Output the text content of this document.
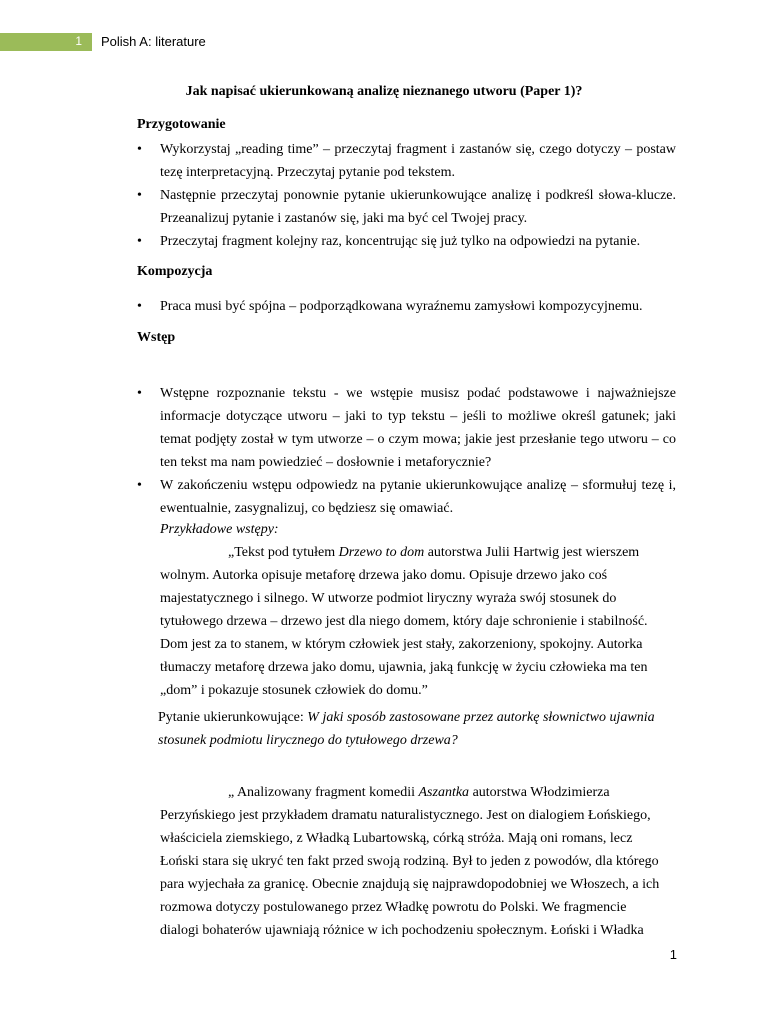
1 Polish A: literature
Jak napisać ukierunkowaną analizę nieznanego utworu (Paper 1)?
Przygotowanie
• Wykorzystaj „reading time” – przeczytaj fragment i zastanów się, czego dotyczy – postaw tezę interpretacyjną. Przeczytaj pytanie pod tekstem.
• Następnie przeczytaj ponownie pytanie ukierunkowujące analizę i podkreśl słowa-klucze. Przeanalizuj pytanie i zastanów się, jaki ma być cel Twojej pracy.
• Przeczytaj fragment kolejny raz, koncentrując się już tylko na odpowiedzi na pytanie.
Kompozycja
• Praca musi być spójna – podporządkowana wyraźnemu zamysłowi kompozycyjnemu.
Wstęp
• Wstępne rozpoznanie tekstu - we wstępie musisz podać podstawowe i najważniejsze informacje dotyczące utworu – jaki to typ tekstu – jeśli to możliwe określ gatunek; jaki temat podjęty został w tym utworze – o czym mowa; jakie jest przesłanie tego utworu – co ten tekst ma nam powiedzieć – dosłownie i metaforycznie?
• W zakończeniu wstępu odpowiedz na pytanie ukierunkowujące analizę – sformułuj tezę i, ewentualnie, zasygnalizuj, co będziesz się omawiać.
Przykładowe wstępy:
„Tekst pod tytułem Drzewo to dom autorstwa Julii Hartwig jest wierszem wolnym. Autorka opisuje metaforę drzewa jako domu. Opisuje drzewo jako coś majestatycznego i silnego. W utworze podmiot liryczny wyraża swój stosunek do tytułowego drzewa – drzewo jest dla niego domem, który daje schronienie i stabilność. Dom jest za to stanem, w którym człowiek jest stały, zakorzeniony, spokojny. Autorka tłumaczy metaforę drzewa jako domu, ujawnia, jaką funkcję w życiu człowieka ma ten „dom” i pokazuje stosunek człowiek do domu.”
Pytanie ukierunkowujące: W jaki sposób zastosowane przez autorkę słownictwo ujawnia stosunek podmiotu lirycznego do tytułowego drzewa?
„ Analizowany fragment komedii Aszantka autorstwa Włodzimierza Perzyńskiego jest przykładem dramatu naturalistycznego. Jest on dialogiem Łońskiego, właściciela ziemskiego, z Władką Lubartowską, córką stróża. Mają oni romans, lecz Łoński stara się ukryć ten fakt przed swoją rodziną. Był to jeden z powodów, dla którego para wyjechała za granicę. Obecnie znajdują się najprawdopodobniej we Włoszech, a ich rozmowa dotyczy postulowanego przez Władkę powrotu do Polski. We fragmencie dialogi bohaterów ujawniają różnice w ich pochodzeniu społecznym. Łoński i Władka
1
